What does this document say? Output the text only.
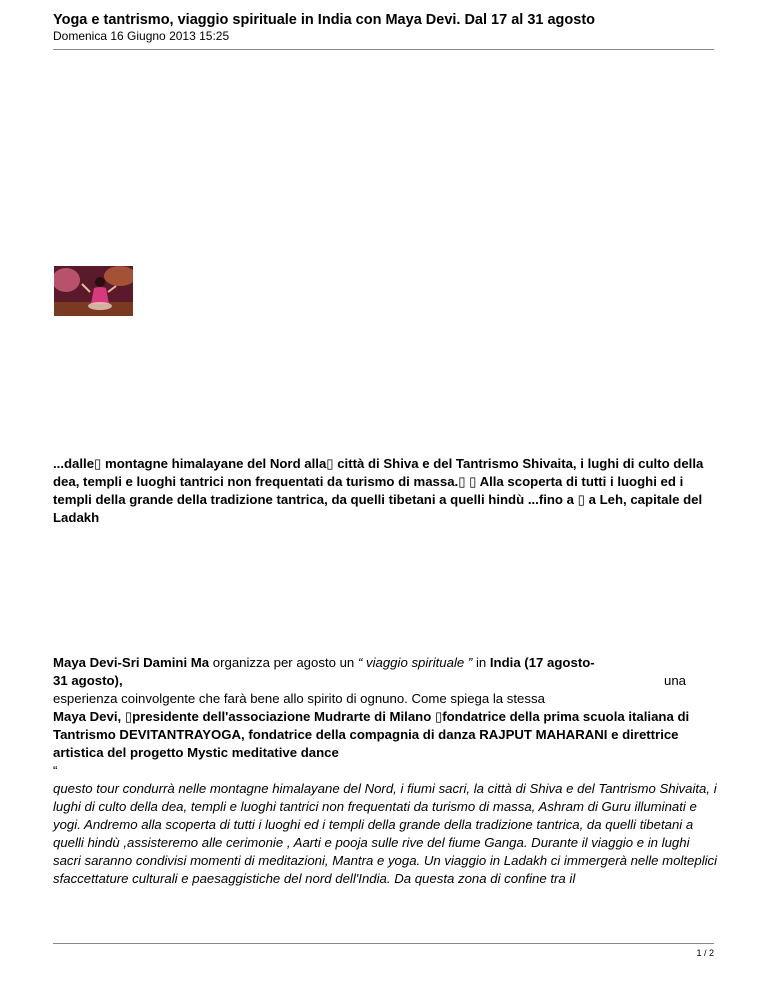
Yoga e tantrismo, viaggio spirituale in India con Maya Devi. Dal 17 al 31 agosto
Domenica 16 Giugno 2013 15:25
...dalle▯ montagne himalayane del Nord alla▯ città di Shiva e del Tantrismo Shivaita, i lughi di culto della dea, templi e luoghi tantrici non frequentati da turismo di massa.▯ ▯ Alla scoperta di tutti i luoghi ed i templi della grande della tradizione tantrica, da quelli tibetani a quelli hindù ...fino a ▯ a Leh, capitale del Ladakh

Maya Devi-Sri Damini Ma organizza per agosto un “ viaggio spirituale ” in India (17 agosto-

31 agosto),	una

esperienza coinvolgente che farà bene allo spirito di ognuno. Come spiega la stessa

Maya Devi, ▯presidente dell'associazione Mudrarte di Milano ▯fondatrice della prima scuola italiana di Tantrismo DEVITANTRAYOGA, fondatrice della compagnia di danza RAJPUT MAHARANI e direttrice artistica del progetto Mystic meditative dance

“

questo tour condurrà nelle montagne himalayane del Nord, i fiumi sacri, la città di Shiva e del Tantrismo Shivaita, i lughi di culto della dea, templi e luoghi tantrici non frequentati da turismo di massa, Ashram di Guru illuminati e yogi. Andremo alla scoperta di tutti i luoghi ed i templi della grande della tradizione tantrica, da quelli tibetani a quelli hindù ,assisteremo alle cerimonie , Aarti e pooja sulle rive del fiume Ganga. Durante il viaggio e in lughi sacri saranno condivisi momenti di meditazioni, Mantra e yoga. Un viaggio in Ladakh ci immergerà nelle molteplici sfaccettature culturali e paesaggistiche del nord dell'India. Da questa zona di confine tra il

1 / 2
